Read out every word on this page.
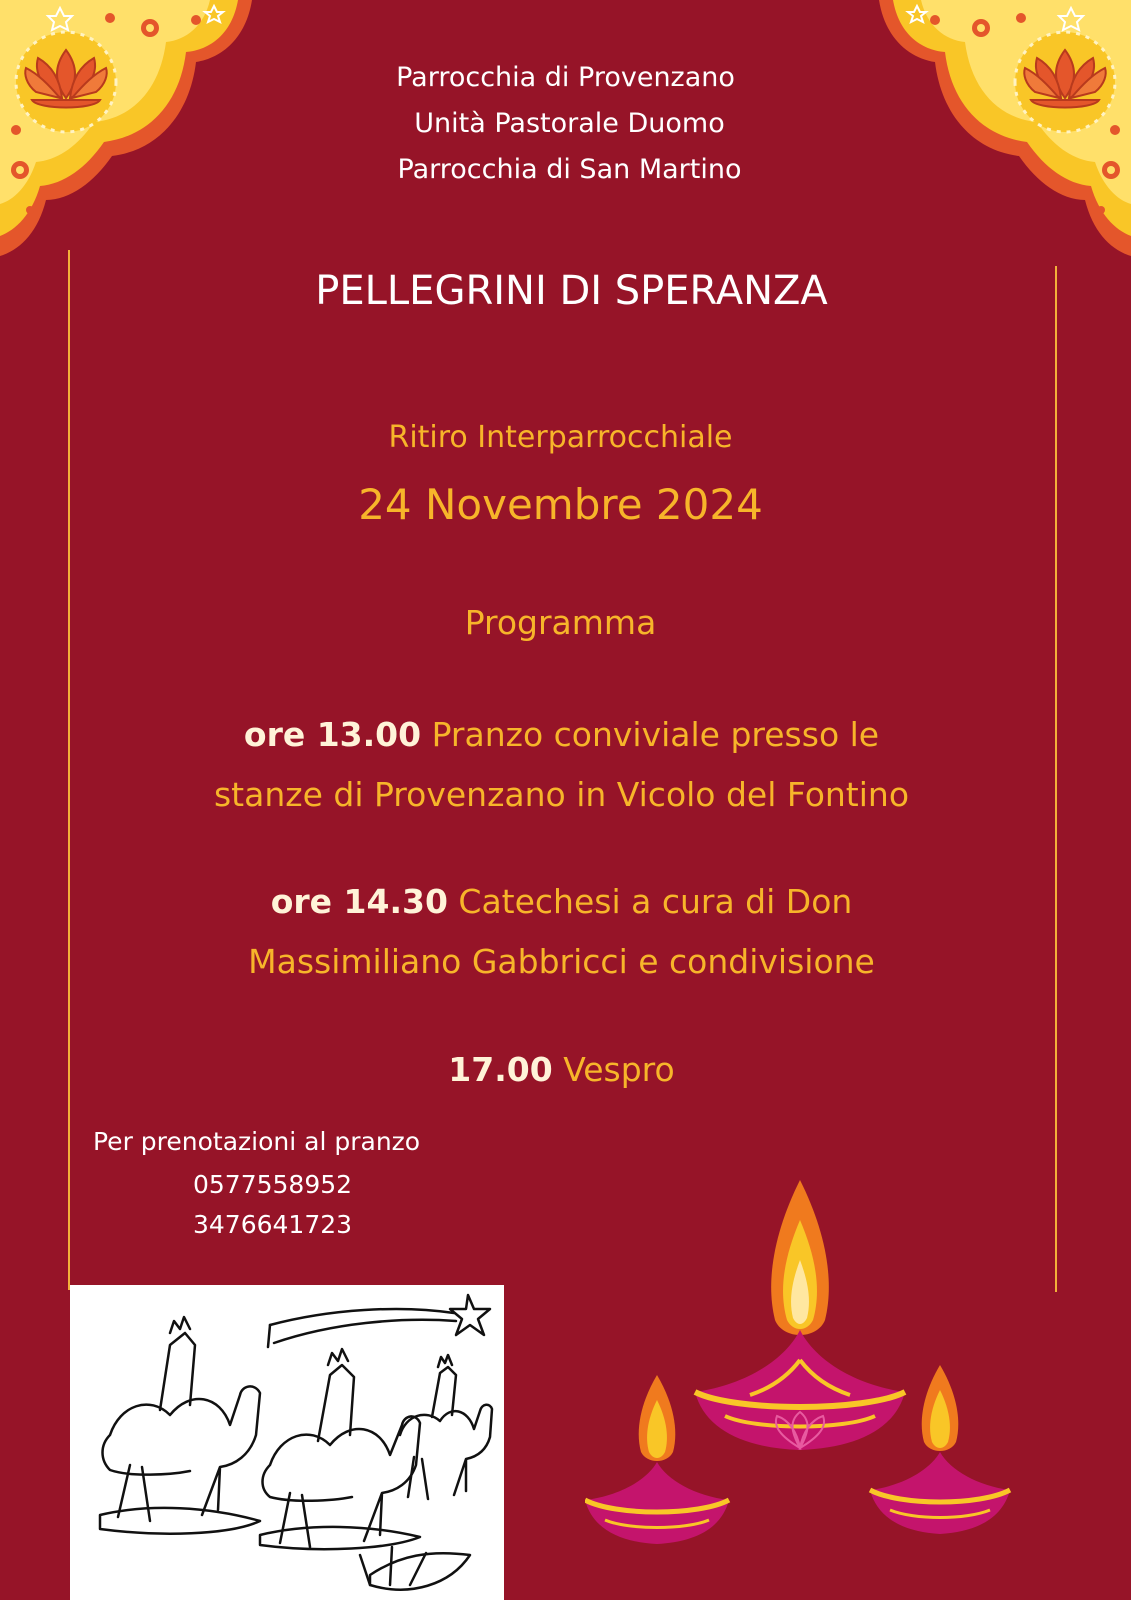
Parrocchia di Provenzano

Unità Pastorale Duomo

Parrocchia di San Martino

PELLEGRINI DI SPERANZA

Ritiro Interparrocchiale

24 Novembre 2024

Programma

ore 13.00 Pranzo conviviale presso le

stanze di Provenzano in Vicolo del Fontino

ore 14.30 Catechesi a cura di Don

Massimiliano Gabbricci e condivisione

17.00 Vespro

Per prenotazioni al pranzo

0577558952

3476641723
